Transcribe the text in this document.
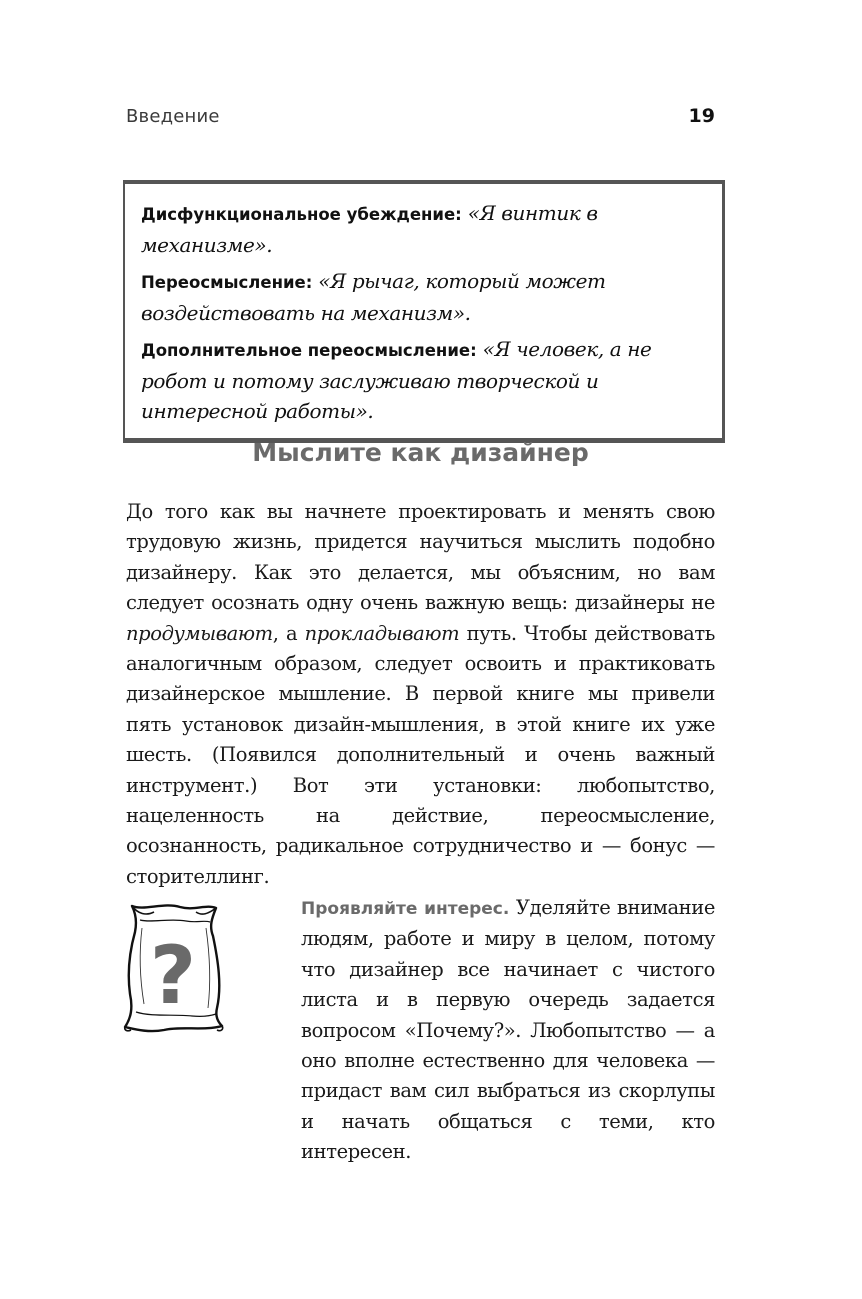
Введение	19

Дисфункциональное убеждение: «Я винтик в механизме».

Переосмысление: «Я рычаг, который может воздействовать на механизм».

Дополнительное переосмысление: «Я человек, а не робот и потому заслуживаю творческой и интересной работы».

Мыслите как дизайнер

До того как вы начнете проектировать и менять свою трудовую жизнь, придется научиться мыслить подобно дизайнеру. Как это делается, мы объясним, но вам следует осознать одну очень важную вещь: дизайнеры не продумывают, а прокладывают путь. Чтобы действовать аналогичным образом, следует освоить и практиковать дизайнерское мышление. В первой книге мы привели пять установок дизайн-мышления, в этой книге их уже шесть. (Появился дополнительный и очень важный инструмент.) Вот эти установки: любопытство, нацеленность на действие, переосмысление, осознанность, радикальное сотрудничество и — бонус — сторителлинг.

?

Проявляйте интерес. Уделяйте внимание людям, работе и миру в целом, потому что дизайнер все начинает с чистого листа и в первую очередь задается вопросом «Почему?». Любопытство — а оно вполне естественно для человека — придаст вам сил выбраться из скорлупы и начать общаться с теми, кто интересен.
